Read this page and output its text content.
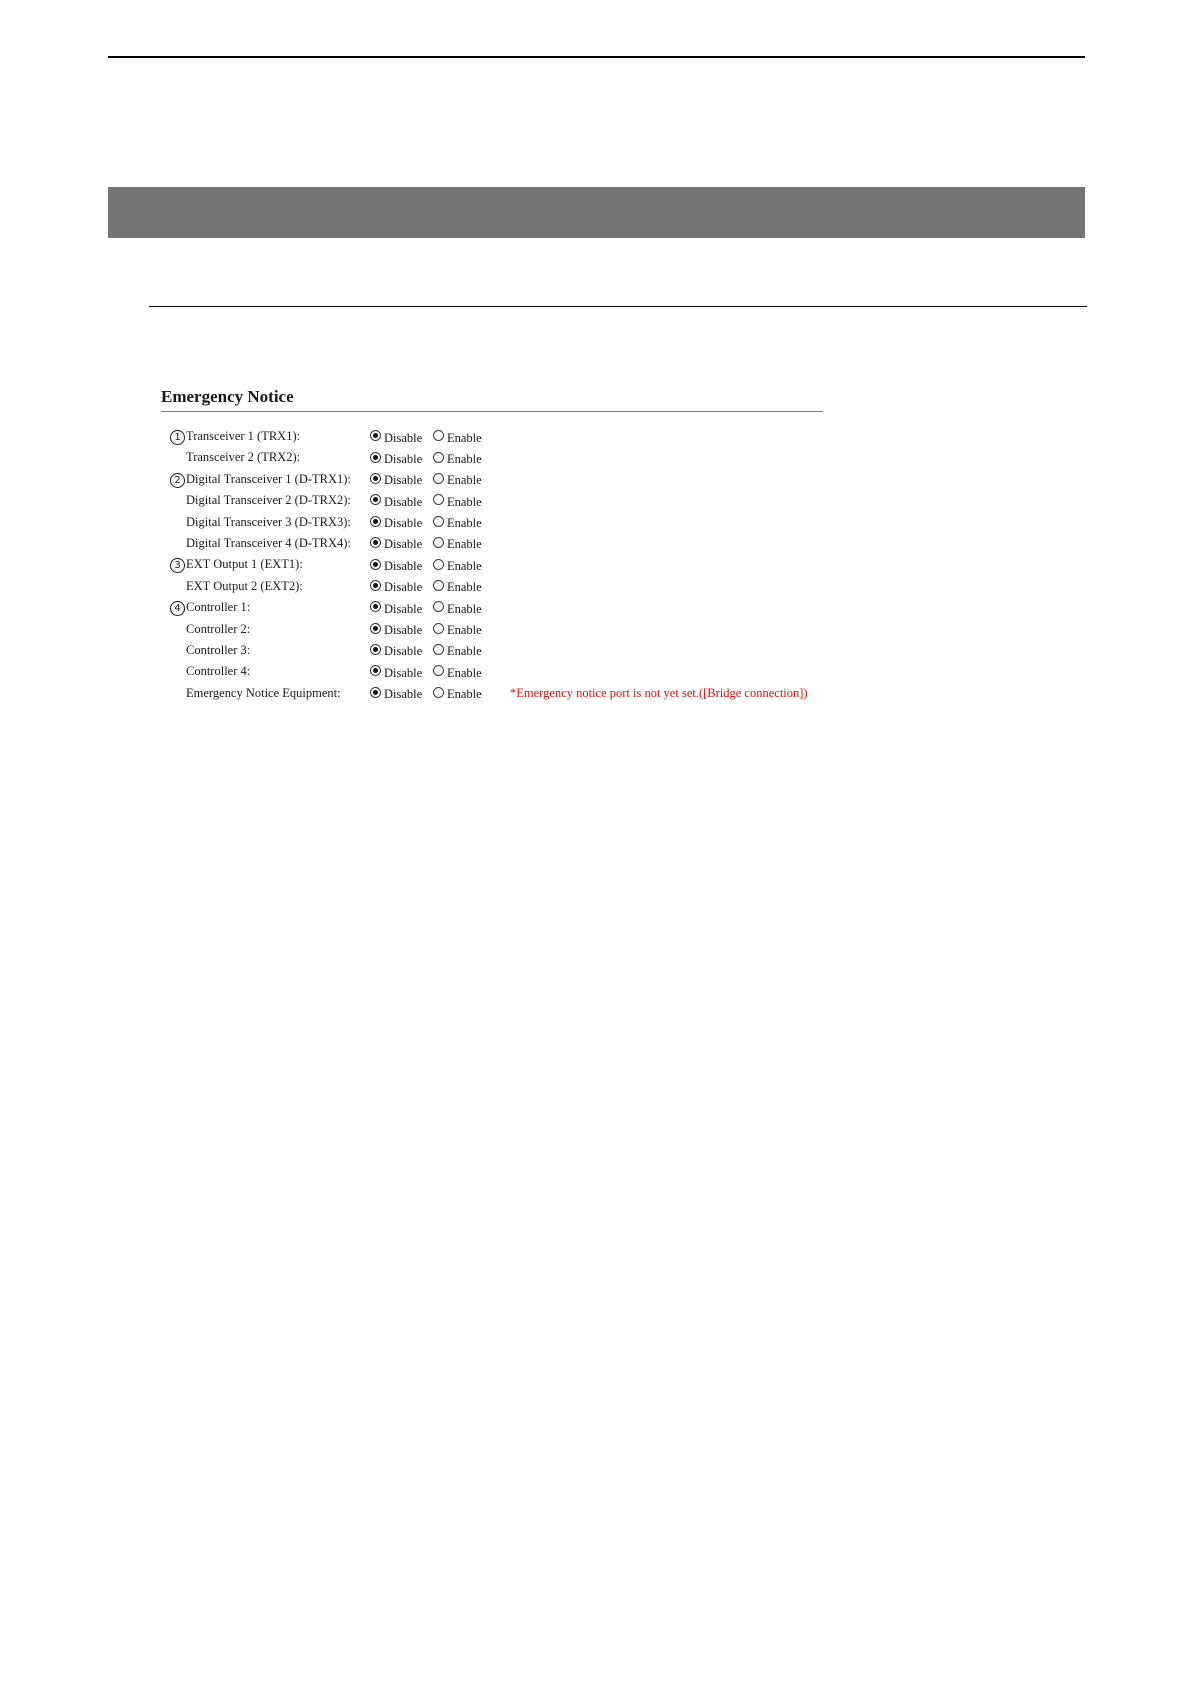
Emergency Notice
1 Transceiver 1 (TRX1):	Disable Enable
Transceiver 2 (TRX2):	Disable Enable
2 Digital Transceiver 1 (D-TRX1):	Disable Enable
Digital Transceiver 2 (D-TRX2):	Disable Enable
Digital Transceiver 3 (D-TRX3):	Disable Enable
Digital Transceiver 4 (D-TRX4):	Disable Enable
3 EXT Output 1 (EXT1):	Disable Enable
EXT Output 2 (EXT2):	Disable Enable
4 Controller 1:	Disable Enable
Controller 2:	Disable Enable
Controller 3:	Disable Enable
Controller 4:	Disable Enable
Emergency Notice Equipment:	Disable Enable *Emergency notice port is not yet set.([Bridge connection])
